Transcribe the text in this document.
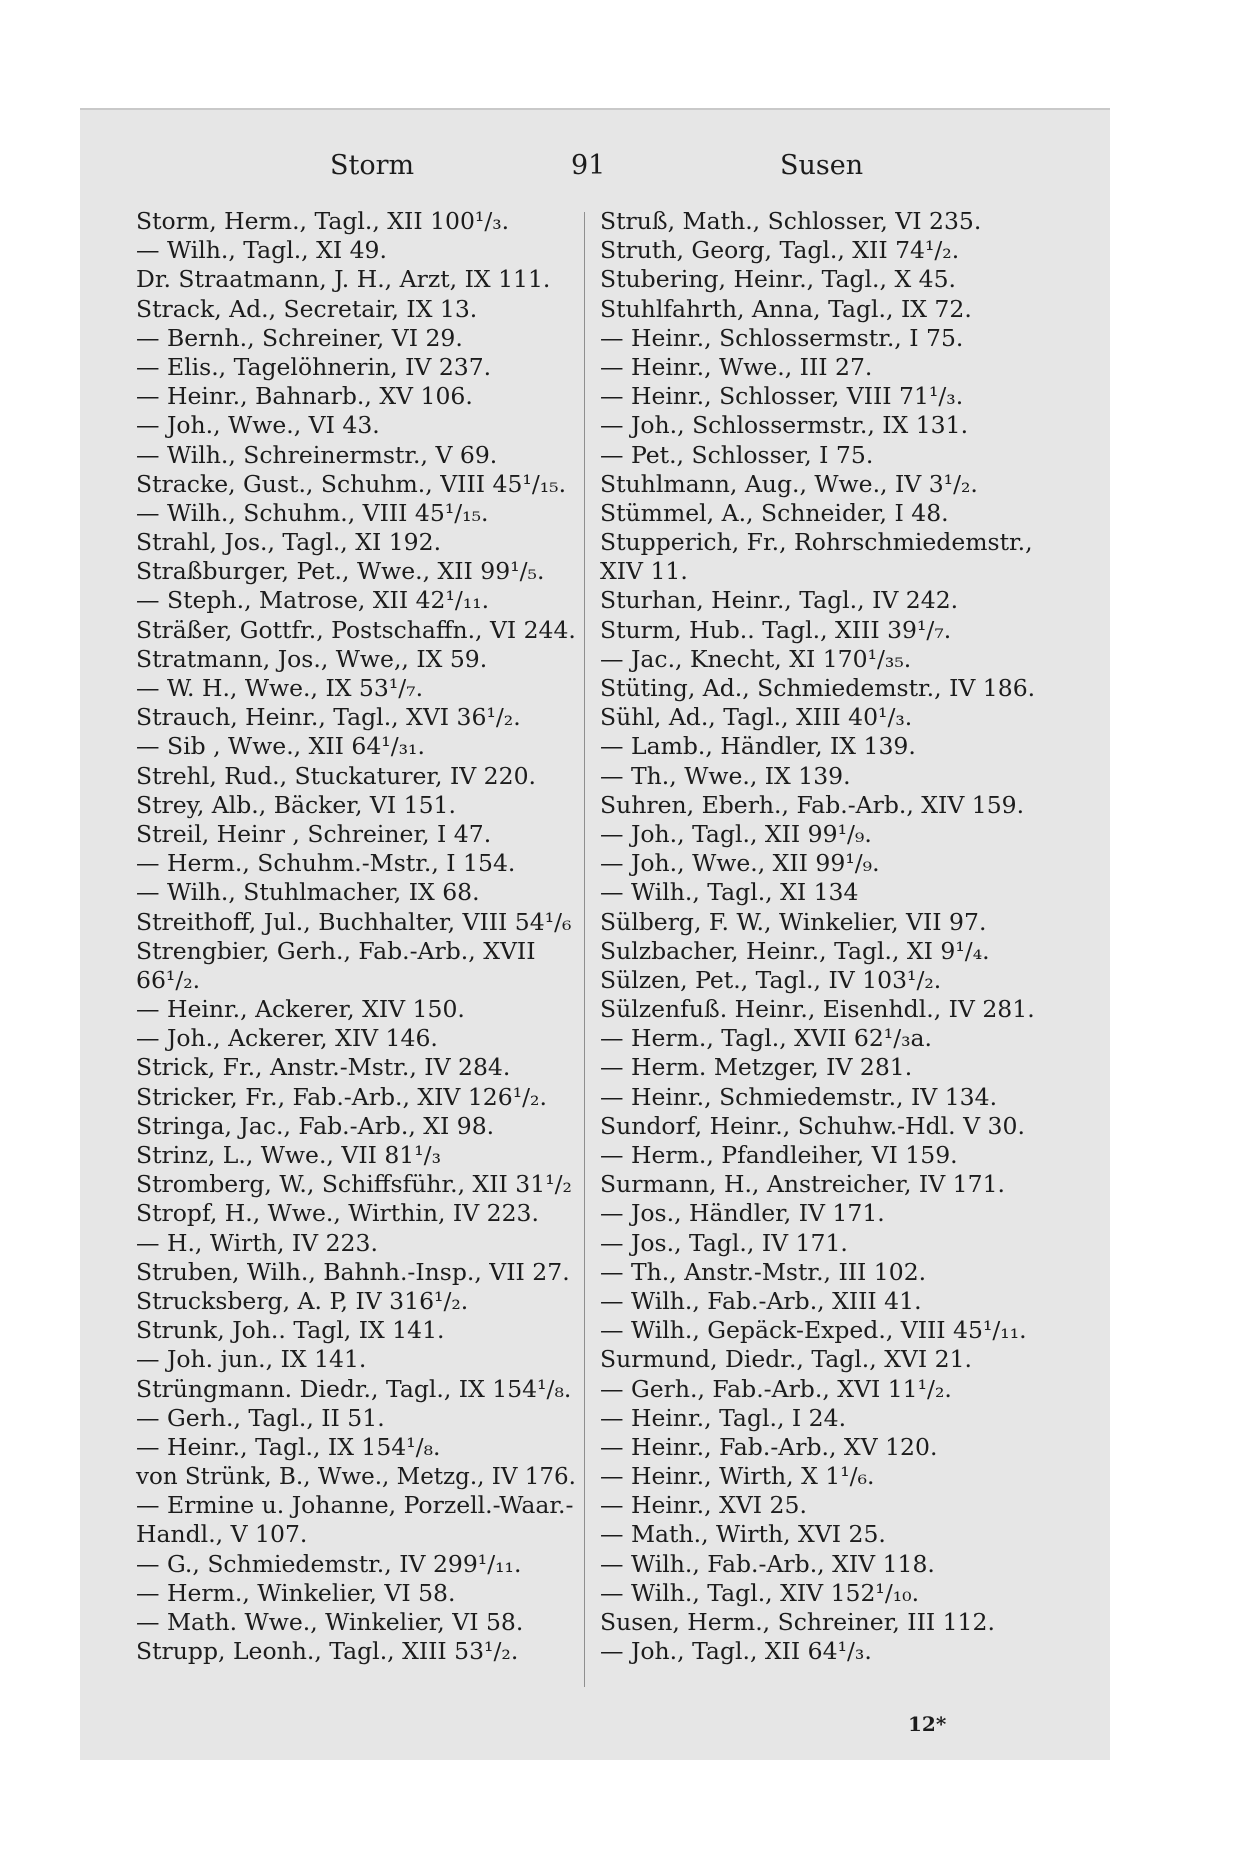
Storm	91	Susen
Storm, Herm., Tagl., XII 100¹/₃.
— Wilh., Tagl., XI 49.
Dr. Straatmann, J. H., Arzt, IX 111.
Strack, Ad., Secretair, IX 13.
— Bernh., Schreiner, VI 29.
— Elis., Tagelöhnerin, IV 237.
— Heinr., Bahnarb., XV 106.
— Joh., Wwe., VI 43.
— Wilh., Schreinermstr., V 69.
Stracke, Gust., Schuhm., VIII 45¹/₁₅.
— Wilh., Schuhm., VIII 45¹/₁₅.
Strahl, Jos., Tagl., XI 192.
Straßburger, Pet., Wwe., XII 99¹/₅.
— Steph., Matrose, XII 42¹/₁₁.
Sträßer, Gottfr., Postschaffn., VI 244.
Stratmann, Jos., Wwe,, IX 59.
— W. H., Wwe., IX 53¹/₇.
Strauch, Heinr., Tagl., XVI 36¹/₂.
— Sib , Wwe., XII 64¹/₃₁.
Strehl, Rud., Stuckaturer, IV 220.
Strey, Alb., Bäcker, VI 151.
Streil, Heinr , Schreiner, I 47.
— Herm., Schuhm.-Mstr., I 154.
— Wilh., Stuhlmacher, IX 68.
Streithoff, Jul., Buchhalter, VIII 54¹/₆
Strengbier, Gerh., Fab.-Arb., XVII
66¹/₂.
— Heinr., Ackerer, XIV 150.
— Joh., Ackerer, XIV 146.
Strick, Fr., Anstr.-Mstr., IV 284.
Stricker, Fr., Fab.-Arb., XIV 126¹/₂.
Stringa, Jac., Fab.-Arb., XI 98.
Strinz, L., Wwe., VII 81¹/₃
Stromberg, W., Schiffsführ., XII 31¹/₂
Stropf, H., Wwe., Wirthin, IV 223.
— H., Wirth, IV 223.
Struben, Wilh., Bahnh.-Insp., VII 27.
Strucksberg, A. P, IV 316¹/₂.
Strunk, Joh.. Tagl, IX 141.
— Joh. jun., IX 141.
Strüngmann. Diedr., Tagl., IX 154¹/₈.
— Gerh., Tagl., II 51.
— Heinr., Tagl., IX 154¹/₈.
von Strünk, B., Wwe., Metzg., IV 176.
— Ermine u. Johanne, Porzell.-Waar.-
Handl., V 107.
— G., Schmiedemstr., IV 299¹/₁₁.
— Herm., Winkelier, VI 58.
— Math. Wwe., Winkelier, VI 58.
Strupp, Leonh., Tagl., XIII 53¹/₂.
Struß, Math., Schlosser, VI 235.
Struth, Georg, Tagl., XII 74¹/₂.
Stubering, Heinr., Tagl., X 45.
Stuhlfahrth, Anna, Tagl., IX 72.
— Heinr., Schlossermstr., I 75.
— Heinr., Wwe., III 27.
— Heinr., Schlosser, VIII 71¹/₃.
— Joh., Schlossermstr., IX 131.
— Pet., Schlosser, I 75.
Stuhlmann, Aug., Wwe., IV 3¹/₂.
Stümmel, A., Schneider, I 48.
Stupperich, Fr., Rohrschmiedemstr.,
XIV 11.
Sturhan, Heinr., Tagl., IV 242.
Sturm, Hub.. Tagl., XIII 39¹/₇.
— Jac., Knecht, XI 170¹/₃₅.
Stüting, Ad., Schmiedemstr., IV 186.
Sühl, Ad., Tagl., XIII 40¹/₃.
— Lamb., Händler, IX 139.
— Th., Wwe., IX 139.
Suhren, Eberh., Fab.-Arb., XIV 159.
— Joh., Tagl., XII 99¹/₉.
— Joh., Wwe., XII 99¹/₉.
— Wilh., Tagl., XI 134
Sülberg, F. W., Winkelier, VII 97.
Sulzbacher, Heinr., Tagl., XI 9¹/₄.
Sülzen, Pet., Tagl., IV 103¹/₂.
Sülzenfuß. Heinr., Eisenhdl., IV 281.
— Herm., Tagl., XVII 62¹/₃a.
— Herm. Metzger, IV 281.
— Heinr., Schmiedemstr., IV 134.
Sundorf, Heinr., Schuhw.-Hdl. V 30.
— Herm., Pfandleiher, VI 159.
Surmann, H., Anstreicher, IV 171.
— Jos., Händler, IV 171.
— Jos., Tagl., IV 171.
— Th., Anstr.-Mstr., III 102.
— Wilh., Fab.-Arb., XIII 41.
— Wilh., Gepäck-Exped., VIII 45¹/₁₁.
Surmund, Diedr., Tagl., XVI 21.
— Gerh., Fab.-Arb., XVI 11¹/₂.
— Heinr., Tagl., I 24.
— Heinr., Fab.-Arb., XV 120.
— Heinr., Wirth, X 1¹/₆.
— Heinr., XVI 25.
— Math., Wirth, XVI 25.
— Wilh., Fab.-Arb., XIV 118.
— Wilh., Tagl., XIV 152¹/₁₀.
Susen, Herm., Schreiner, III 112.
— Joh., Tagl., XII 64¹/₃.
12*
